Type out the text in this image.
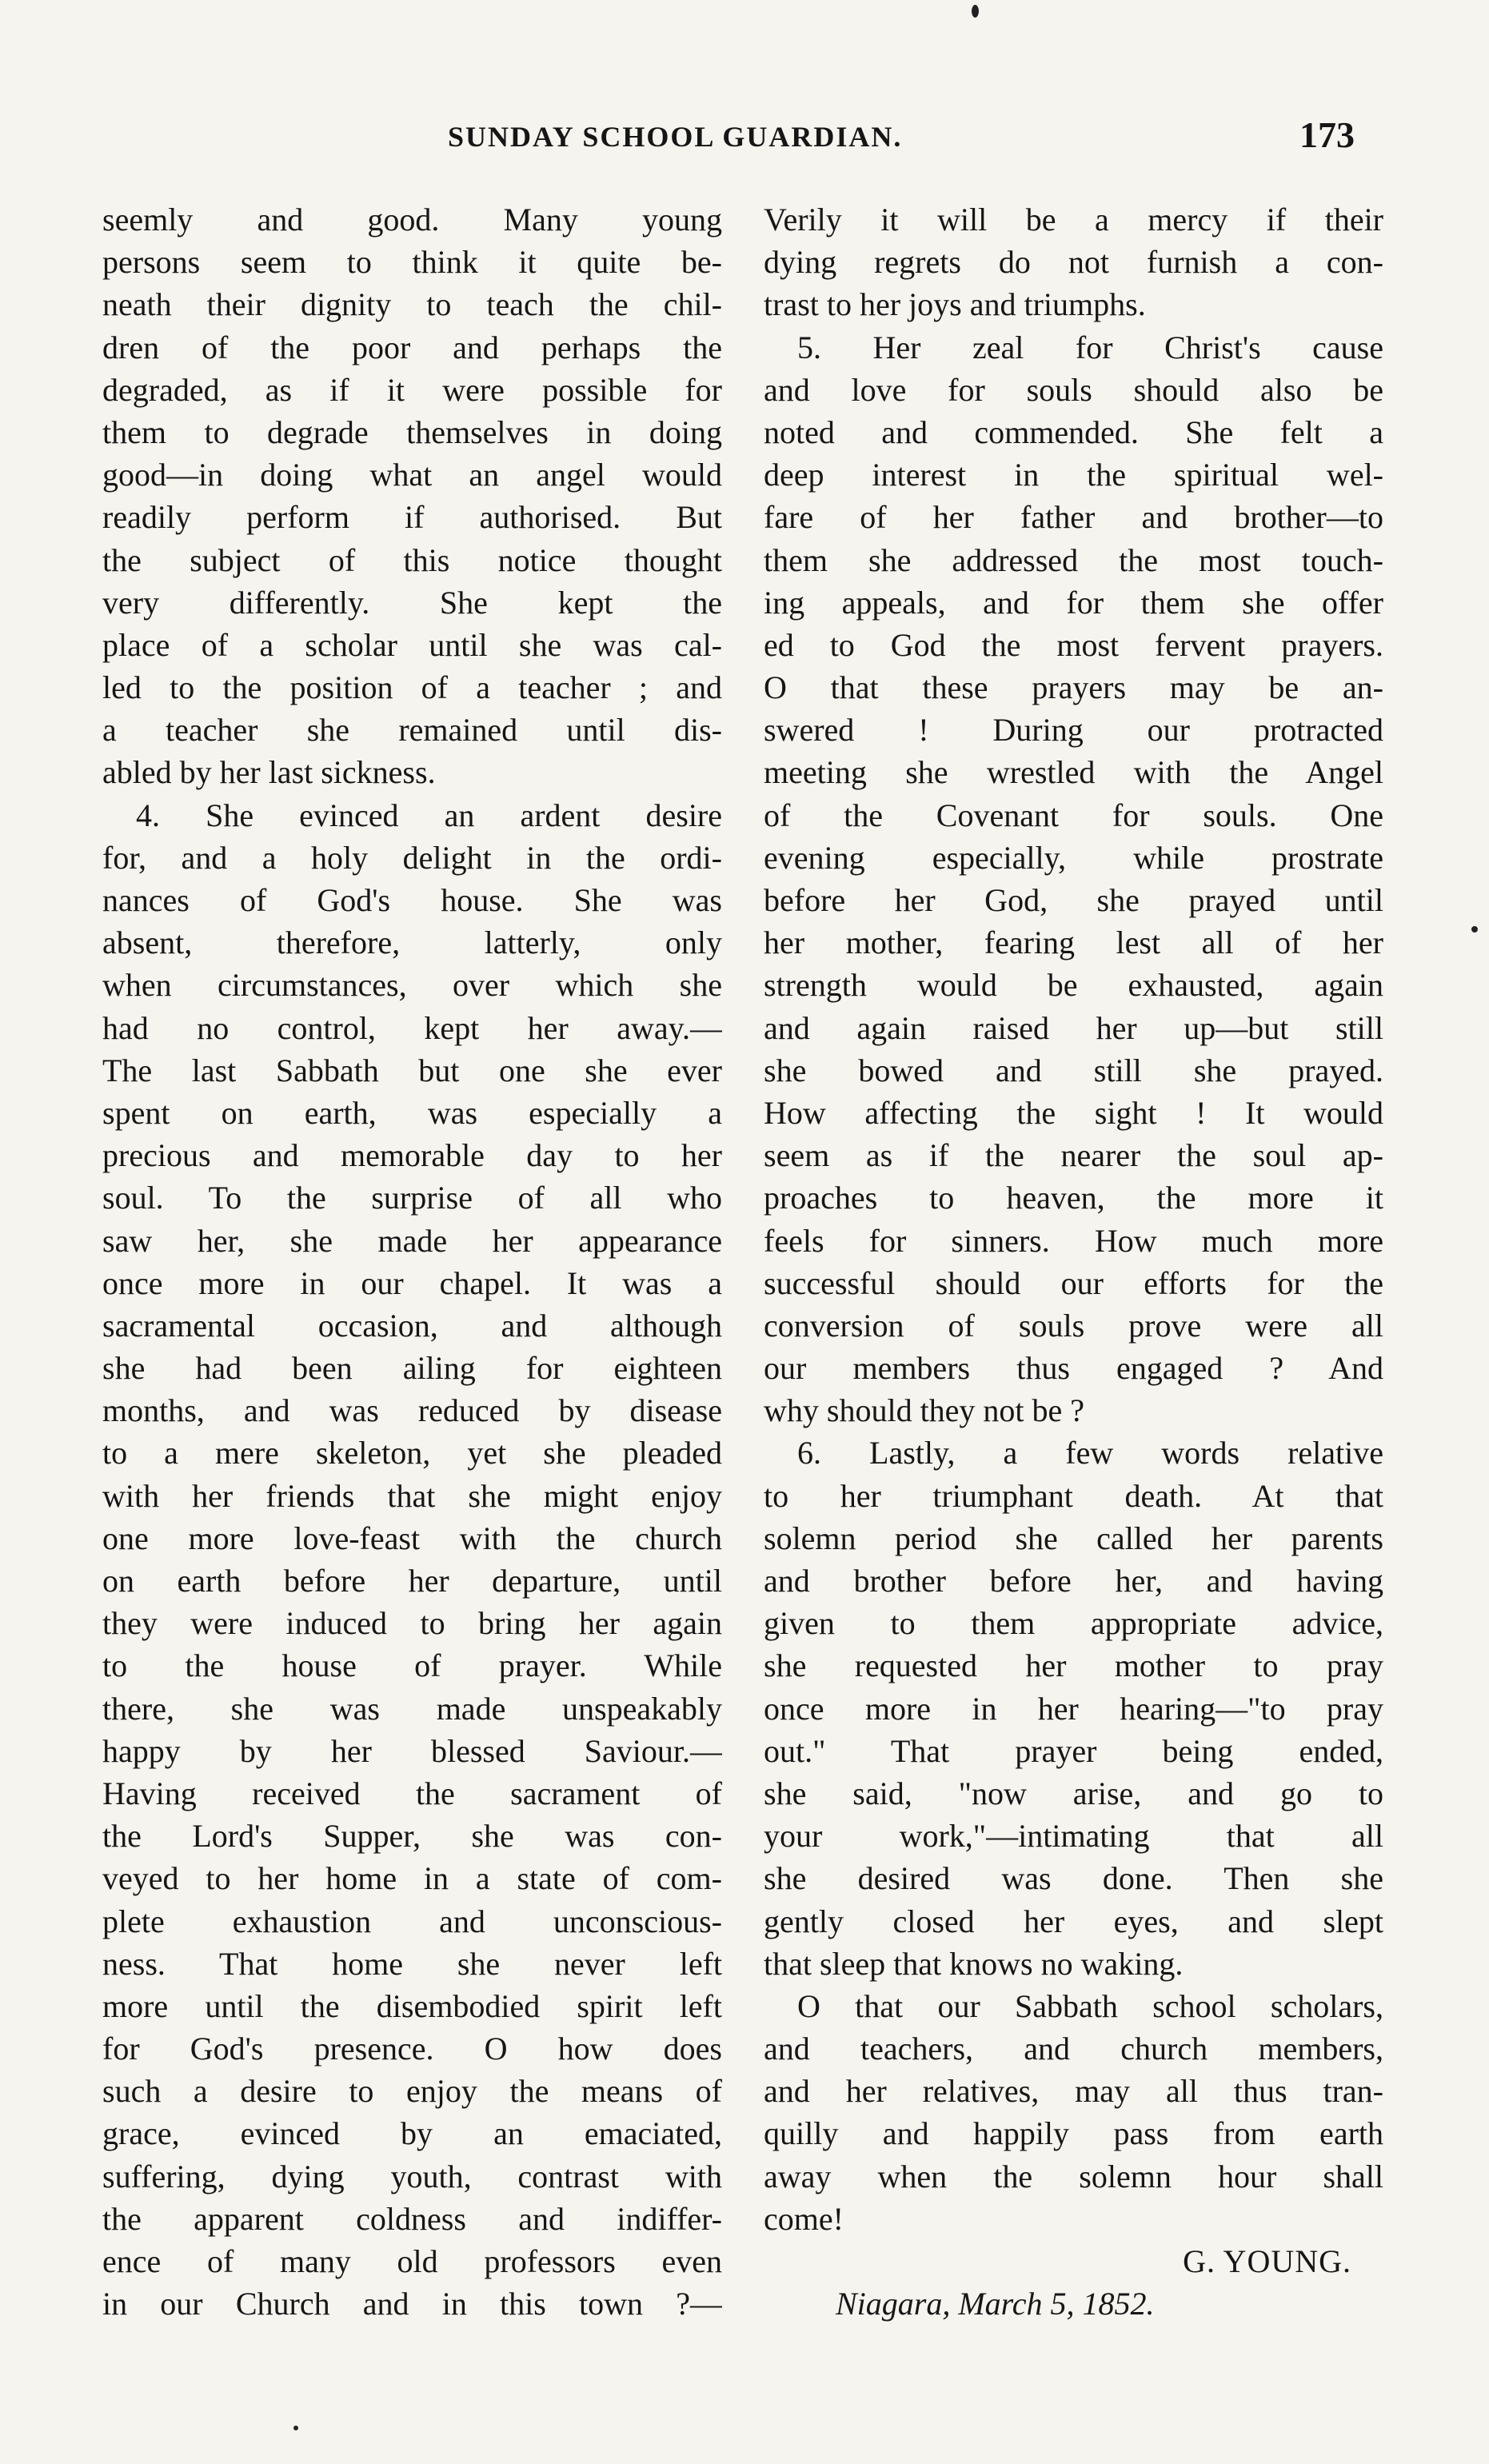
SUNDAY SCHOOL GUARDIAN.	173
seemly and good. Many young
persons seem to think it quite be-
neath their dignity to teach the chil-
dren of the poor and perhaps the
degraded, as if it were possible for
them to degrade themselves in doing
good—in doing what an angel would
readily perform if authorised. But
the subject of this notice thought
very differently. She kept the
place of a scholar until she was cal-
led to the position of a teacher ; and
a teacher she remained until dis-
abled by her last sickness.
4. She evinced an ardent desire
for, and a holy delight in the ordi-
nances of God's house. She was
absent, therefore, latterly, only
when circumstances, over which she
had no control, kept her away.—
The last Sabbath but one she ever
spent on earth, was especially a
precious and memorable day to her
soul. To the surprise of all who
saw her, she made her appearance
once more in our chapel. It was a
sacramental occasion, and although
she had been ailing for eighteen
months, and was reduced by disease
to a mere skeleton, yet she pleaded
with her friends that she might enjoy
one more love-feast with the church
on earth before her departure, until
they were induced to bring her again
to the house of prayer. While
there, she was made unspeakably
happy by her blessed Saviour.—
Having received the sacrament of
the Lord's Supper, she was con-
veyed to her home in a state of com-
plete exhaustion and unconscious-
ness. That home she never left
more until the disembodied spirit left
for God's presence. O how does
such a desire to enjoy the means of
grace, evinced by an emaciated,
suffering, dying youth, contrast with
the apparent coldness and indiffer-
ence of many old professors even
in our Church and in this town ?—
Verily it will be a mercy if their
dying regrets do not furnish a con-
trast to her joys and triumphs.
5. Her zeal for Christ's cause
and love for souls should also be
noted and commended. She felt a
deep interest in the spiritual wel-
fare of her father and brother—to
them she addressed the most touch-
ing appeals, and for them she offer
ed to God the most fervent prayers.
O that these prayers may be an-
swered ! During our protracted
meeting she wrestled with the Angel
of the Covenant for souls. One
evening especially, while prostrate
before her God, she prayed until
her mother, fearing lest all of her
strength would be exhausted, again
and again raised her up—but still
she bowed and still she prayed.
How affecting the sight ! It would
seem as if the nearer the soul ap-
proaches to heaven, the more it
feels for sinners. How much more
successful should our efforts for the
conversion of souls prove were all
our members thus engaged ? And
why should they not be ?
6. Lastly, a few words relative
to her triumphant death. At that
solemn period she called her parents
and brother before her, and having
given to them appropriate advice,
she requested her mother to pray
once more in her hearing—"to pray
out." That prayer being ended,
she said, "now arise, and go to
your work,"—intimating that all
she desired was done. Then she
gently closed her eyes, and slept
that sleep that knows no waking.
O that our Sabbath school scholars,
and teachers, and church members,
and her relatives, may all thus tran-
quilly and happily pass from earth
away when the solemn hour shall
come!
G. YOUNG.
Niagara, March 5, 1852.
